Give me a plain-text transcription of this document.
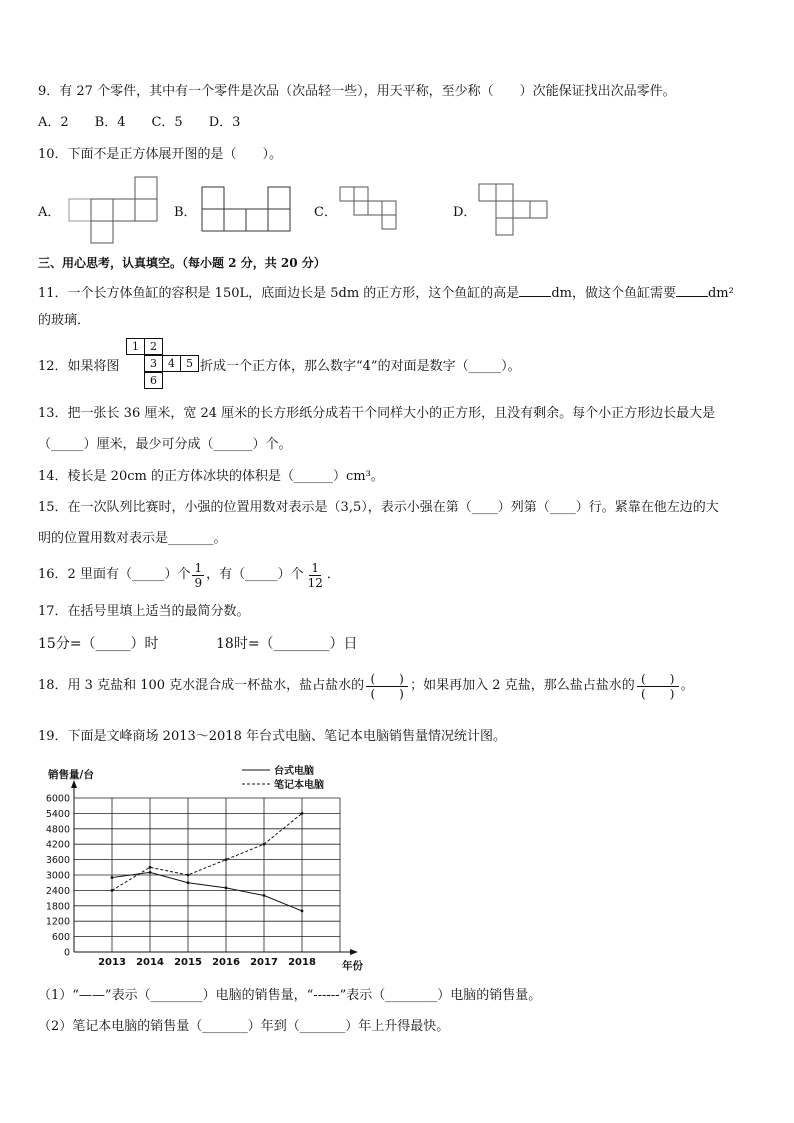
9．有 27 个零件，其中有一个零件是次品（次品轻一些），用天平称，至少称（　　）次能保证找出次品零件。
A．2　　B．4　　C．5　　D．3
10．下面不是正方体展开图的是（　　）。
A．	B．	C．	D．
三、用心思考，认真填空。（每小题 2 分，共 20 分）
11．一个长方体鱼缸的容积是 150L，底面边长是 5dm 的正方形，这个鱼缸的高是 dm，做这个鱼缸需要 dm²
的玻璃．
12．如果将图
1	2
3	4	5
6
折成一个正方体，那么数字“4”的对面是数字（_____）。
13．把一张长 36 厘米，宽 24 厘米的长方形纸分成若干个同样大小的正方形，且没有剩余。每个小正方形边长最大是
（_____）厘米，最少可分成（______）个。
14．棱长是 20cm 的正方体冰块的体积是（______）cm³。
15．在一次队列比赛时，小强的位置用数对表示是（3,5），表示小强在第（____）列第（____）行。紧靠在他左边的大
明的位置用数对表示是_______。
16．2 里面有（_____）个 $\frac{1}{9}$ ，有（_____）个 $\frac{1}{12}$ ．
17．在括号里填上适当的最简分数。
15分=（_____）时	18时=（________）日
18．用 3 克盐和 100 克水混合成一杯盐水，盐占盐水的 $\frac{( )}{( )}$ ；如果再加入 2 克盐，那么盐占盐水的 $\frac{( )}{( )}$ 。
19．下面是文峰商场 2013～2018 年台式电脑、笔记本电脑销售量情况统计图。
0
600
1200
1800
2400
3000
3600
4200
4800
5400
6000
2013 2014 2015 2016 2017 2018
销售量/台
年份
台式电脑
笔记本电脑
（1）“——”表示（________）电脑的销售量，“------”表示（________）电脑的销售量。
（2）笔记本电脑的销售量（_______）年到（_______）年上升得最快。
